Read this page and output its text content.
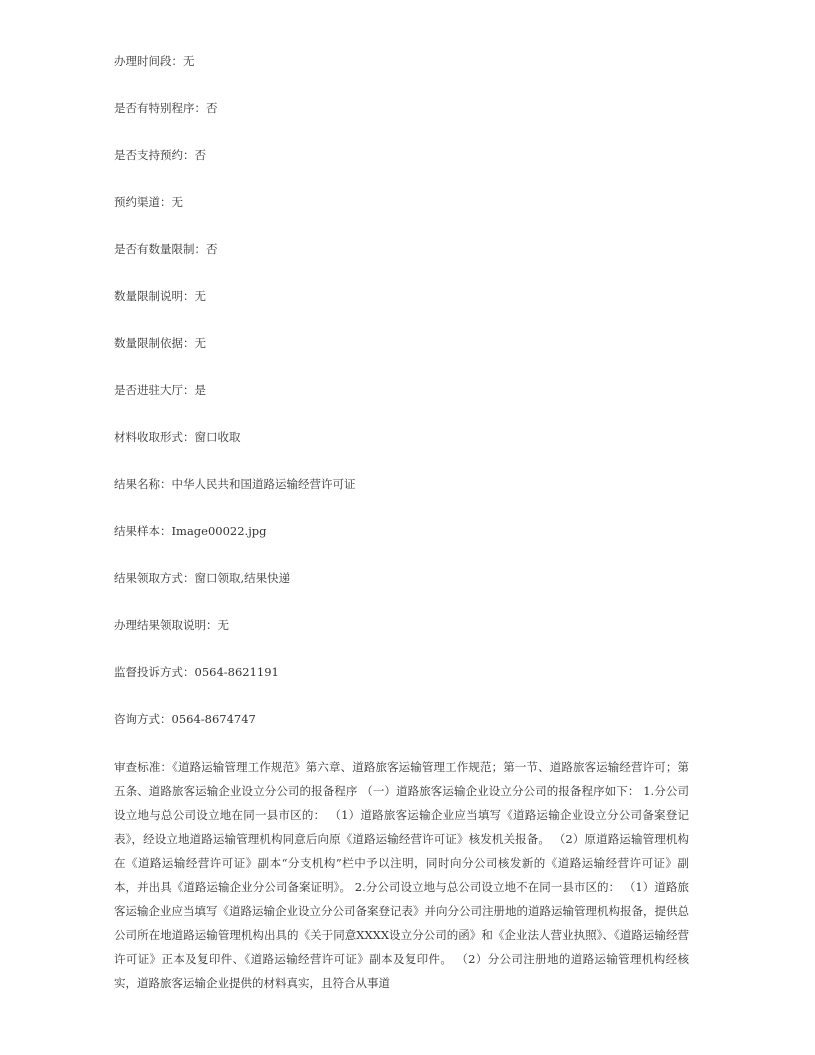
办理时间段：无
是否有特别程序：否
是否支持预约：否
预约渠道：无
是否有数量限制：否
数量限制说明：无
数量限制依据：无
是否进驻大厅：是
材料收取形式：窗口收取
结果名称：中华人民共和国道路运输经营许可证
结果样本：Image00022.jpg
结果领取方式：窗口领取,结果快递
办理结果领取说明：无
监督投诉方式：0564-8621191
咨询方式：0564-8674747
审查标准：《道路运输管理工作规范》第六章、道路旅客运输管理工作规范；第一节、道路旅客运输经营许可；第五条、道路旅客运输企业设立分公司的报备程序 （一）道路旅客运输企业设立分公司的报备程序如下： 1.分公司设立地与总公司设立地在同一县市区的： （1）道路旅客运输企业应当填写《道路运输企业设立分公司备案登记表》，经设立地道路运输管理机构同意后向原《道路运输经营许可证》核发机关报备。 （2）原道路运输管理机构在《道路运输经营许可证》副本“分支机构”栏中予以注明，同时向分公司核发新的《道路运输经营许可证》副本，并出具《道路运输企业分公司备案证明》。 2.分公司设立地与总公司设立地不在同一县市区的： （1）道路旅客运输企业应当填写《道路运输企业设立分公司备案登记表》并向分公司注册地的道路运输管理机构报备，提供总公司所在地道路运输管理机构出具的《关于同意XXXX设立分公司的函》和《企业法人营业执照》、《道路运输经营许可证》正本及复印件、《道路运输经营许可证》副本及复印件。 （2）分公司注册地的道路运输管理机构经核实，道路旅客运输企业提供的材料真实，且符合从事道
